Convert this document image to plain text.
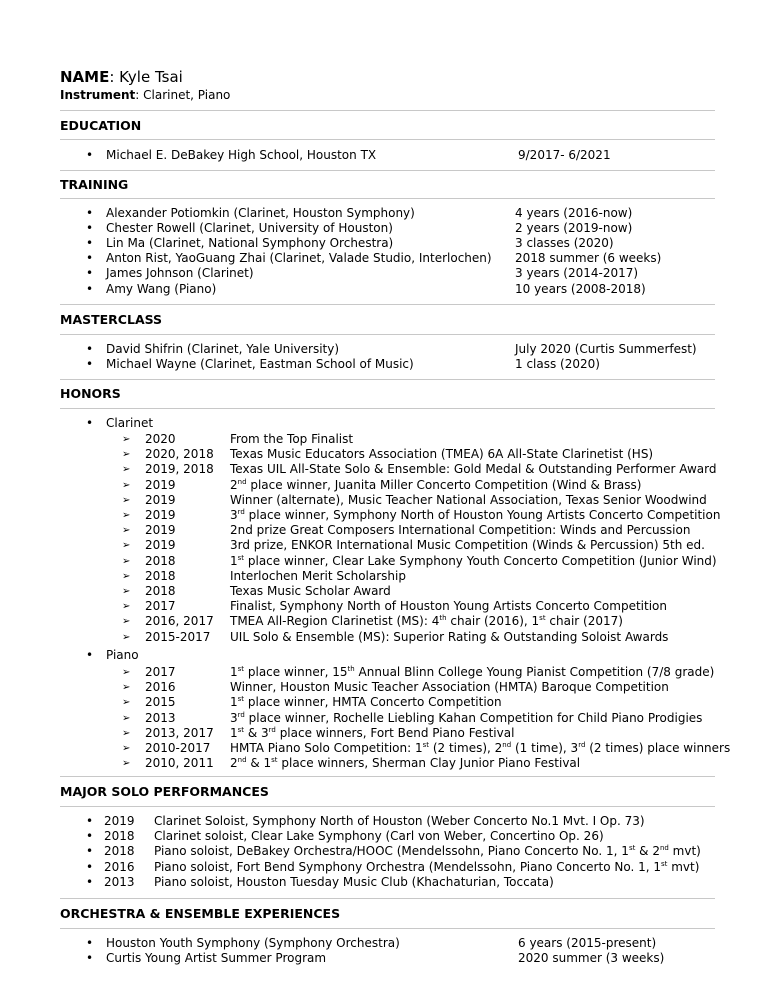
NAME: Kyle Tsai
Instrument: Clarinet, Piano
EDUCATION
• Michael E. DeBakey High School, Houston TX	9/2017- 6/2021
TRAINING
• Alexander Potiomkin (Clarinet, Houston Symphony)	4 years (2016-now)
• Chester Rowell (Clarinet, University of Houston)	2 years (2019-now)
• Lin Ma (Clarinet, National Symphony Orchestra)	3 classes (2020)
• Anton Rist, YaoGuang Zhai (Clarinet, Valade Studio, Interlochen) 2018 summer (6 weeks)
• James Johnson (Clarinet)	3 years (2014-2017)
• Amy Wang (Piano)	10 years (2008-2018)
MASTERCLASS
• David Shifrin (Clarinet, Yale University)	July 2020 (Curtis Summerfest)
• Michael Wayne (Clarinet, Eastman School of Music)	1 class (2020)
HONORS
• Clarinet
➢ 2020	From the Top Finalist
➢ 2020, 2018 Texas Music Educators Association (TMEA) 6A All-State Clarinetist (HS)
➢ 2019, 2018 Texas UIL All-State Solo & Ensemble: Gold Medal & Outstanding Performer Award
➢ 2019	2nd place winner, Juanita Miller Concerto Competition (Wind & Brass)
➢ 2019	Winner (alternate), Music Teacher National Association, Texas Senior Woodwind
➢ 2019	3rd place winner, Symphony North of Houston Young Artists Concerto Competition
➢ 2019	2nd prize Great Composers International Competition: Winds and Percussion
➢ 2019	3rd prize, ENKOR International Music Competition (Winds & Percussion) 5th ed.
➢ 2018	1st place winner, Clear Lake Symphony Youth Concerto Competition (Junior Wind)
➢ 2018	Interlochen Merit Scholarship
➢ 2018	Texas Music Scholar Award
➢ 2017	Finalist, Symphony North of Houston Young Artists Concerto Competition
➢ 2016, 2017 TMEA All-Region Clarinetist (MS): 4th chair (2016), 1st chair (2017)
➢ 2015-2017 UIL Solo & Ensemble (MS): Superior Rating & Outstanding Soloist Awards
• Piano
➢ 2017	1st place winner, 15th Annual Blinn College Young Pianist Competition (7/8 grade)
➢ 2016	Winner, Houston Music Teacher Association (HMTA) Baroque Competition
➢ 2015	1st place winner, HMTA Concerto Competition
➢ 2013	3rd place winner, Rochelle Liebling Kahan Competition for Child Piano Prodigies
➢ 2013, 2017 1st & 3rd place winners, Fort Bend Piano Festival
➢ 2010-2017 HMTA Piano Solo Competition: 1st (2 times), 2nd (1 time), 3rd (2 times) place winners
➢ 2010, 2011 2nd & 1st place winners, Sherman Clay Junior Piano Festival
MAJOR SOLO PERFORMANCES
• 2019 Clarinet Soloist, Symphony North of Houston (Weber Concerto No.1 Mvt. I Op. 73)
• 2018 Clarinet soloist, Clear Lake Symphony (Carl von Weber, Concertino Op. 26)
• 2018 Piano soloist, DeBakey Orchestra/HOOC (Mendelssohn, Piano Concerto No. 1, 1st & 2nd mvt)
• 2016 Piano soloist, Fort Bend Symphony Orchestra (Mendelssohn, Piano Concerto No. 1, 1st mvt)
• 2013 Piano soloist, Houston Tuesday Music Club (Khachaturian, Toccata)
ORCHESTRA & ENSEMBLE EXPERIENCES
• Houston Youth Symphony (Symphony Orchestra)	6 years (2015-present)
• Curtis Young Artist Summer Program	2020 summer (3 weeks)
